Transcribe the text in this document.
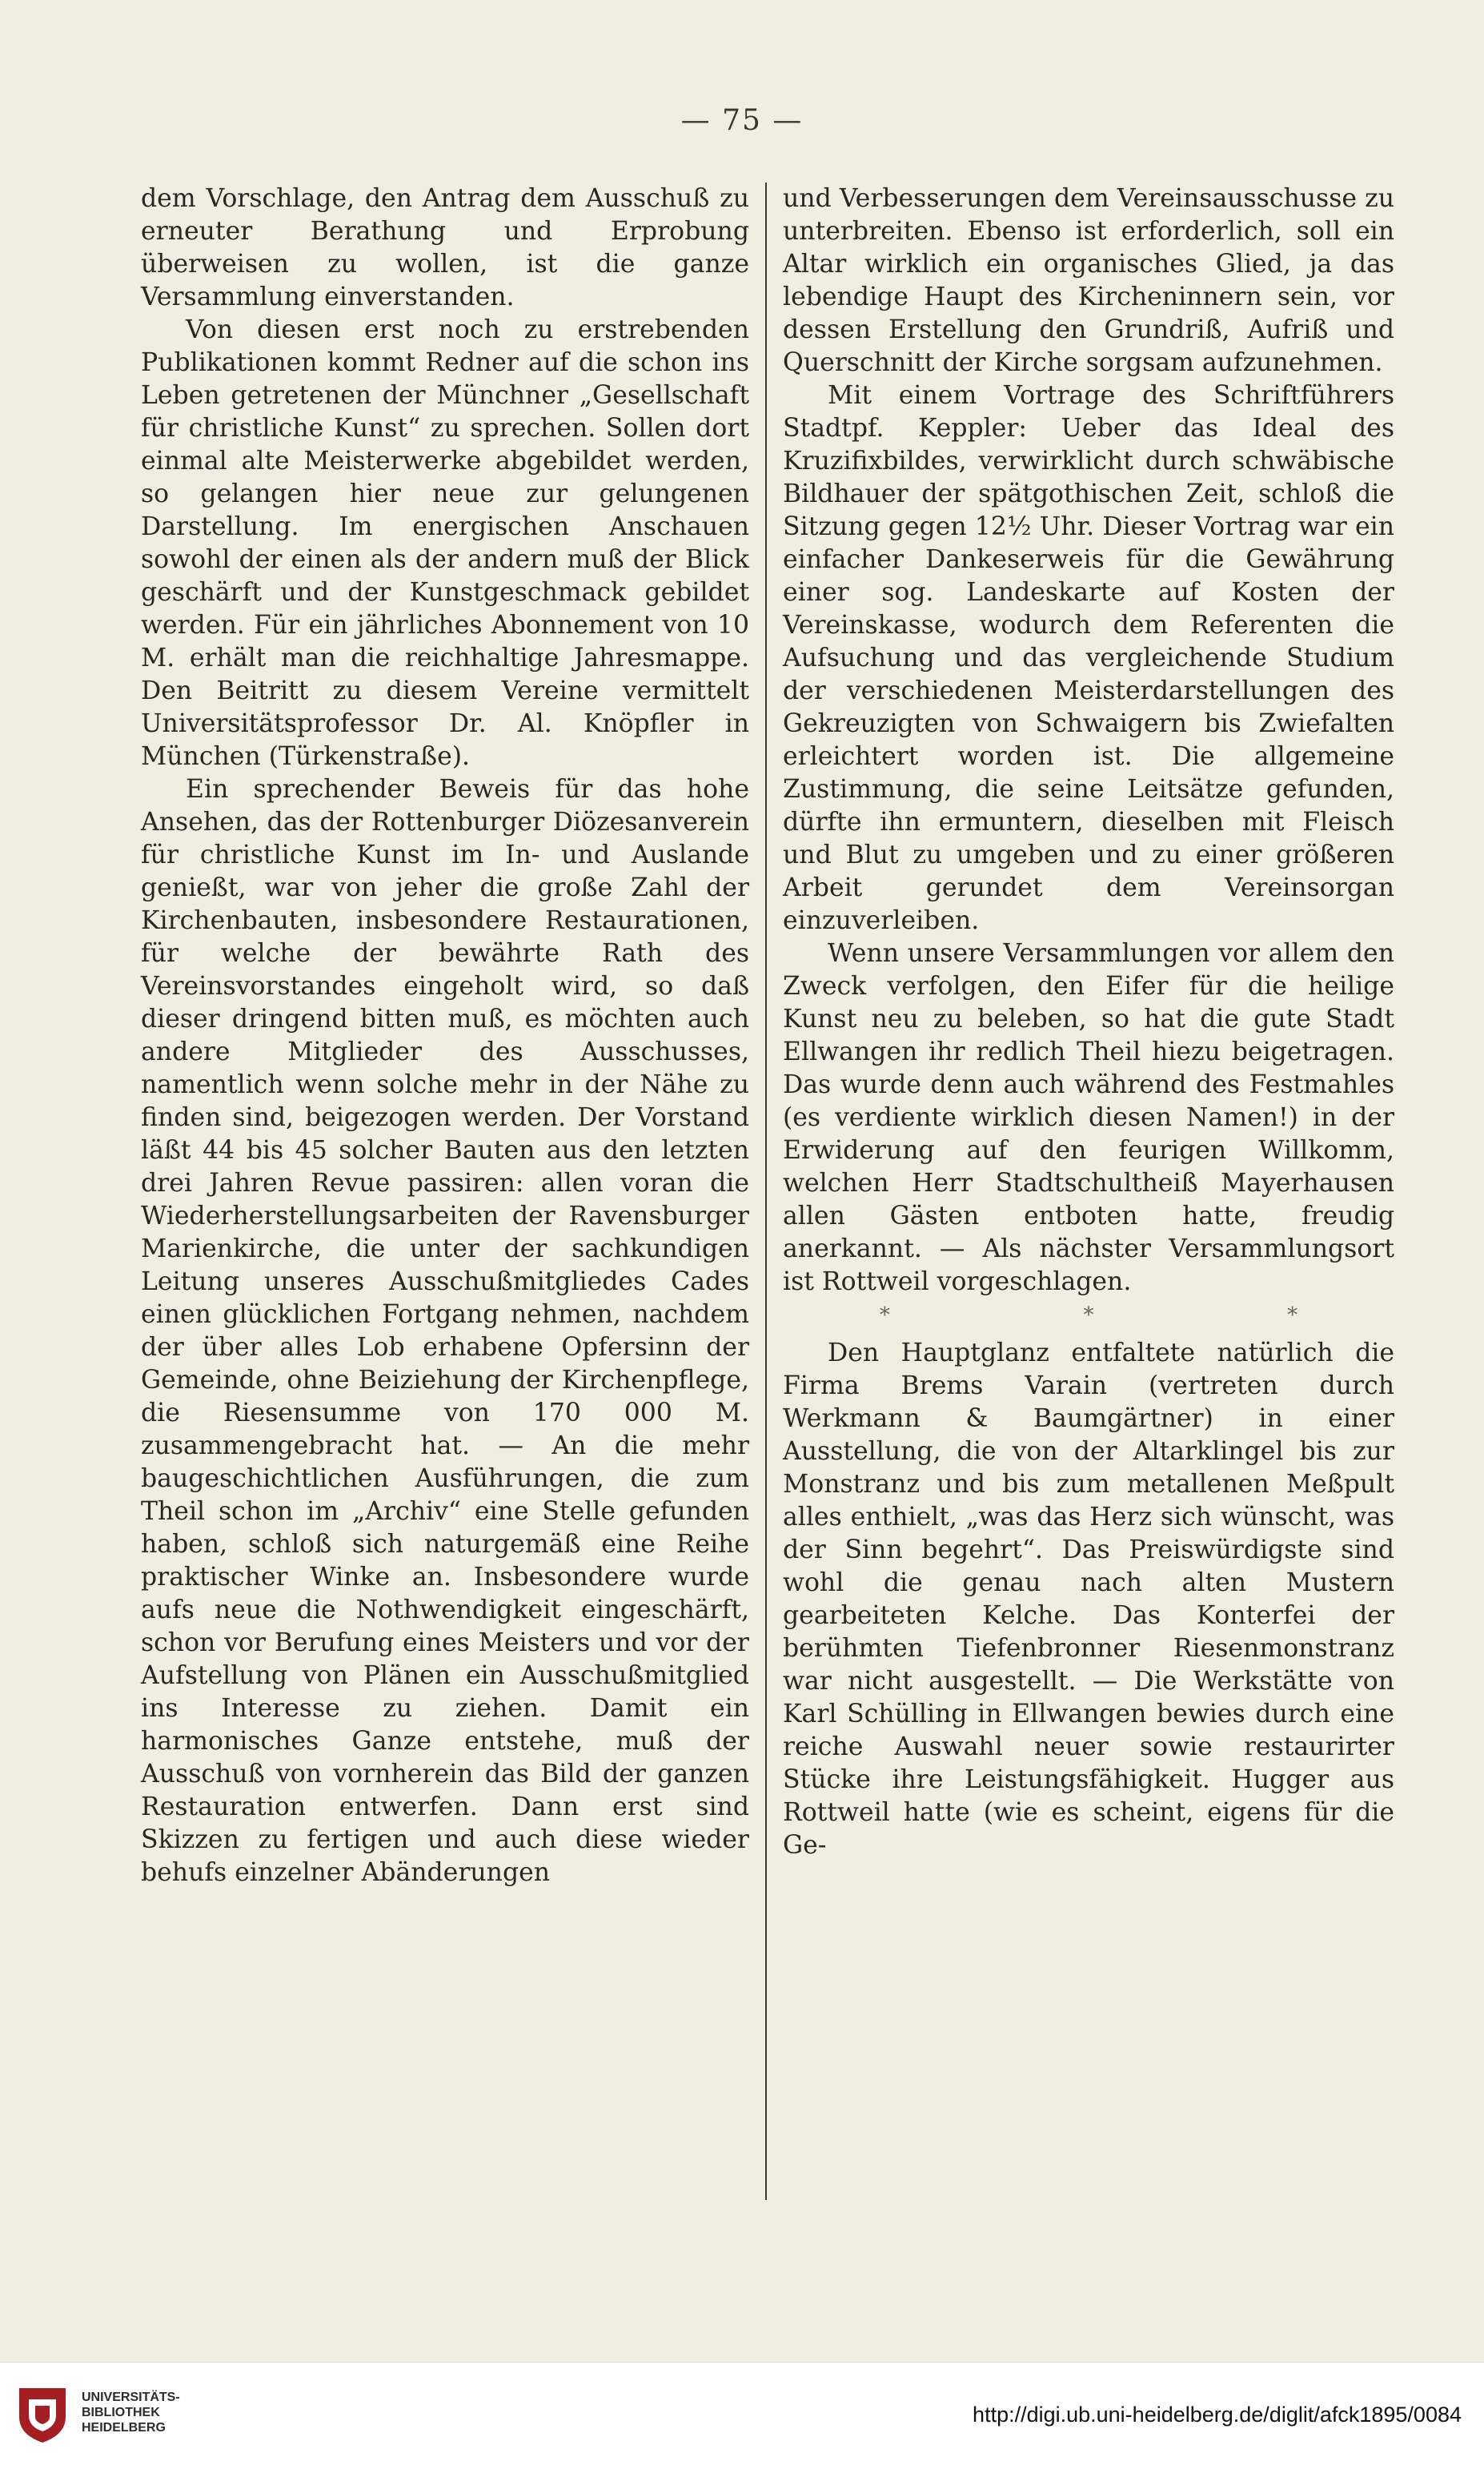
— 75 —

dem Vorschlage, den Antrag dem Ausschuß zu erneuter Berathung und Erprobung überweisen zu wollen, ist die ganze Versammlung einverstanden.

Von diesen erst noch zu erstrebenden Publikationen kommt Redner auf die schon ins Leben getretenen der Münchner „Gesellschaft für christliche Kunst“ zu sprechen. Sollen dort einmal alte Meisterwerke abgebildet werden, so gelangen hier neue zur gelungenen Darstellung. Im energischen Anschauen sowohl der einen als der andern muß der Blick geschärft und der Kunstgeschmack gebildet werden. Für ein jährliches Abonnement von 10 M. erhält man die reichhaltige Jahresmappe. Den Beitritt zu diesem Vereine vermittelt Universitätsprofessor Dr. Al. Knöpfler in München (Türkenstraße).

Ein sprechender Beweis für das hohe Ansehen, das der Rottenburger Diözesanverein für christliche Kunst im In- und Auslande genießt, war von jeher die große Zahl der Kirchenbauten, insbesondere Restaurationen, für welche der bewährte Rath des Vereinsvorstandes eingeholt wird, so daß dieser dringend bitten muß, es möchten auch andere Mitglieder des Ausschusses, namentlich wenn solche mehr in der Nähe zu finden sind, beigezogen werden. Der Vorstand läßt 44 bis 45 solcher Bauten aus den letzten drei Jahren Revue passiren: allen voran die Wiederherstellungsarbeiten der Ravensburger Marienkirche, die unter der sachkundigen Leitung unseres Ausschußmitgliedes Cades einen glücklichen Fortgang nehmen, nachdem der über alles Lob erhabene Opfersinn der Gemeinde, ohne Beiziehung der Kirchenpflege, die Riesensumme von 170 000 M. zusammengebracht hat. — An die mehr baugeschichtlichen Ausführungen, die zum Theil schon im „Archiv“ eine Stelle gefunden haben, schloß sich naturgemäß eine Reihe praktischer Winke an. Insbesondere wurde aufs neue die Nothwendigkeit eingeschärft, schon vor Berufung eines Meisters und vor der Aufstellung von Plänen ein Ausschußmitglied ins Interesse zu ziehen. Damit ein harmonisches Ganze entstehe, muß der Ausschuß von vornherein das Bild der ganzen Restauration entwerfen. Dann erst sind Skizzen zu fertigen und auch diese wieder behufs einzelner Abänderungen

und Verbesserungen dem Vereinsausschusse zu unterbreiten. Ebenso ist erforderlich, soll ein Altar wirklich ein organisches Glied, ja das lebendige Haupt des Kircheninnern sein, vor dessen Erstellung den Grundriß, Aufriß und Querschnitt der Kirche sorgsam aufzunehmen.

Mit einem Vortrage des Schriftführers Stadtpf. Keppler: Ueber das Ideal des Kruzifixbildes, verwirklicht durch schwäbische Bildhauer der spätgothischen Zeit, schloß die Sitzung gegen 12½ Uhr. Dieser Vortrag war ein einfacher Dankeserweis für die Gewährung einer sog. Landeskarte auf Kosten der Vereinskasse, wodurch dem Referenten die Aufsuchung und das vergleichende Studium der verschiedenen Meisterdarstellungen des Gekreuzigten von Schwaigern bis Zwiefalten erleichtert worden ist. Die allgemeine Zustimmung, die seine Leitsätze gefunden, dürfte ihn ermuntern, dieselben mit Fleisch und Blut zu umgeben und zu einer größeren Arbeit gerundet dem Vereinsorgan einzuverleiben.

Wenn unsere Versammlungen vor allem den Zweck verfolgen, den Eifer für die heilige Kunst neu zu beleben, so hat die gute Stadt Ellwangen ihr redlich Theil hiezu beigetragen. Das wurde denn auch während des Festmahles (es verdiente wirklich diesen Namen!) in der Erwiderung auf den feurigen Willkomm, welchen Herr Stadtschultheiß Mayerhausen allen Gästen entboten hatte, freudig anerkannt. — Als nächster Versammlungsort ist Rottweil vorgeschlagen.

*	*	*

Den Hauptglanz entfaltete natürlich die Firma Brems Varain (vertreten durch Werkmann & Baumgärtner) in einer Ausstellung, die von der Altarklingel bis zur Monstranz und bis zum metallenen Meßpult alles enthielt, „was das Herz sich wünscht, was der Sinn begehrt“. Das Preiswürdigste sind wohl die genau nach alten Mustern gearbeiteten Kelche. Das Konterfei der berühmten Tiefenbronner Riesenmonstranz war nicht ausgestellt. — Die Werkstätte von Karl Schülling in Ellwangen bewies durch eine reiche Auswahl neuer sowie restaurirter Stücke ihre Leistungsfähigkeit. Hugger aus Rottweil hatte (wie es scheint, eigens für die Ge-

UNIVERSITÄTS-
BIBLIOTHEK
HEIDELBERG
http://digi.ub.uni-heidelberg.de/diglit/afck1895/0084
